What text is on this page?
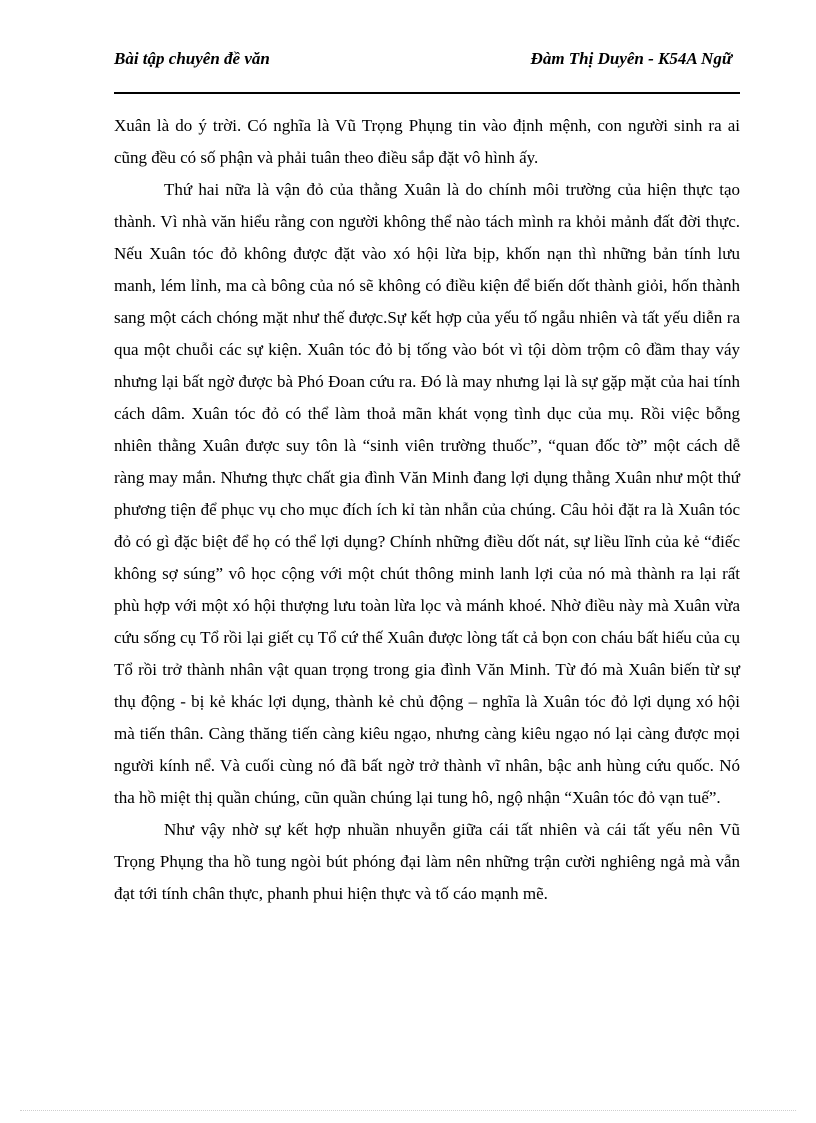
Bài tập chuyên đề văn	Đàm Thị Duyên - K54A Ngữ

Xuân là do ý trời. Có nghĩa là Vũ Trọng Phụng tin vào định mệnh, con người sinh ra ai cũng đều có số phận và phải tuân theo điều sắp đặt vô hình ấy.

Thứ hai nữa là vận đỏ của thằng Xuân là do chính môi trường của hiện thực tạo thành. Vì nhà văn hiểu rằng con người không thể nào tách mình ra khỏi mảnh đất đời thực. Nếu Xuân tóc đỏ không được đặt vào xó hội lừa bịp, khốn nạn thì những bản tính lưu manh, lém lỉnh, ma cà bông của nó sẽ không có điều kiện để biến dốt thành giỏi, hốn thành sang một cách chóng mặt như thế được.Sự kết hợp của yếu tố ngẫu nhiên và tất yếu diễn ra qua một chuỗi các sự kiện. Xuân tóc đỏ bị tống vào bót vì tội dòm trộm cô đầm thay váy nhưng lại bất ngờ được bà Phó Đoan cứu ra. Đó là may nhưng lại là sự gặp mặt của hai tính cách dâm. Xuân tóc đỏ có thể làm thoả mãn khát vọng tình dục của mụ. Rồi việc bỗng nhiên thằng Xuân được suy tôn là “sinh viên trường thuốc”, “quan đốc tờ” một cách dễ ràng may mắn. Nhưng thực chất gia đình Văn Minh đang lợi dụng thằng Xuân như một thứ phương tiện để phục vụ cho mục đích ích kỉ tàn nhẫn của chúng. Câu hỏi đặt ra là Xuân tóc đỏ có gì đặc biệt để họ có thể lợi dụng? Chính những điều dốt nát, sự liều lĩnh của kẻ “điếc không sợ súng” vô học cộng với một chút thông minh lanh lợi của nó mà thành ra lại rất phù hợp với một xó hội thượng lưu toàn lừa lọc và mánh khoé. Nhờ điều này mà Xuân vừa cứu sống cụ Tổ rồi lại giết cụ Tổ cứ thế Xuân được lòng tất cả bọn con cháu bất hiếu của cụ Tổ rồi trở thành nhân vật quan trọng trong gia đình Văn Minh. Từ đó mà Xuân biến từ sự thụ động - bị kẻ khác lợi dụng, thành kẻ chủ động – nghĩa là Xuân tóc đỏ lợi dụng xó hội mà tiến thân. Càng thăng tiến càng kiêu ngạo, nhưng càng kiêu ngạo nó lại càng được mọi người kính nể. Và cuối cùng nó đã bất ngờ trở thành vĩ nhân, bậc anh hùng cứu quốc. Nó tha hồ miệt thị quần chúng, cũn quần chúng lại tung hô, ngộ nhận “Xuân tóc đỏ vạn tuế”.

Như vậy nhờ sự kết hợp nhuần nhuyễn giữa cái tất nhiên và cái tất yếu nên Vũ Trọng Phụng tha hồ tung ngòi bút phóng đại làm nên những trận cười nghiêng ngả mà vẫn đạt tới tính chân thực, phanh phui hiện thực và tố cáo mạnh mẽ.
